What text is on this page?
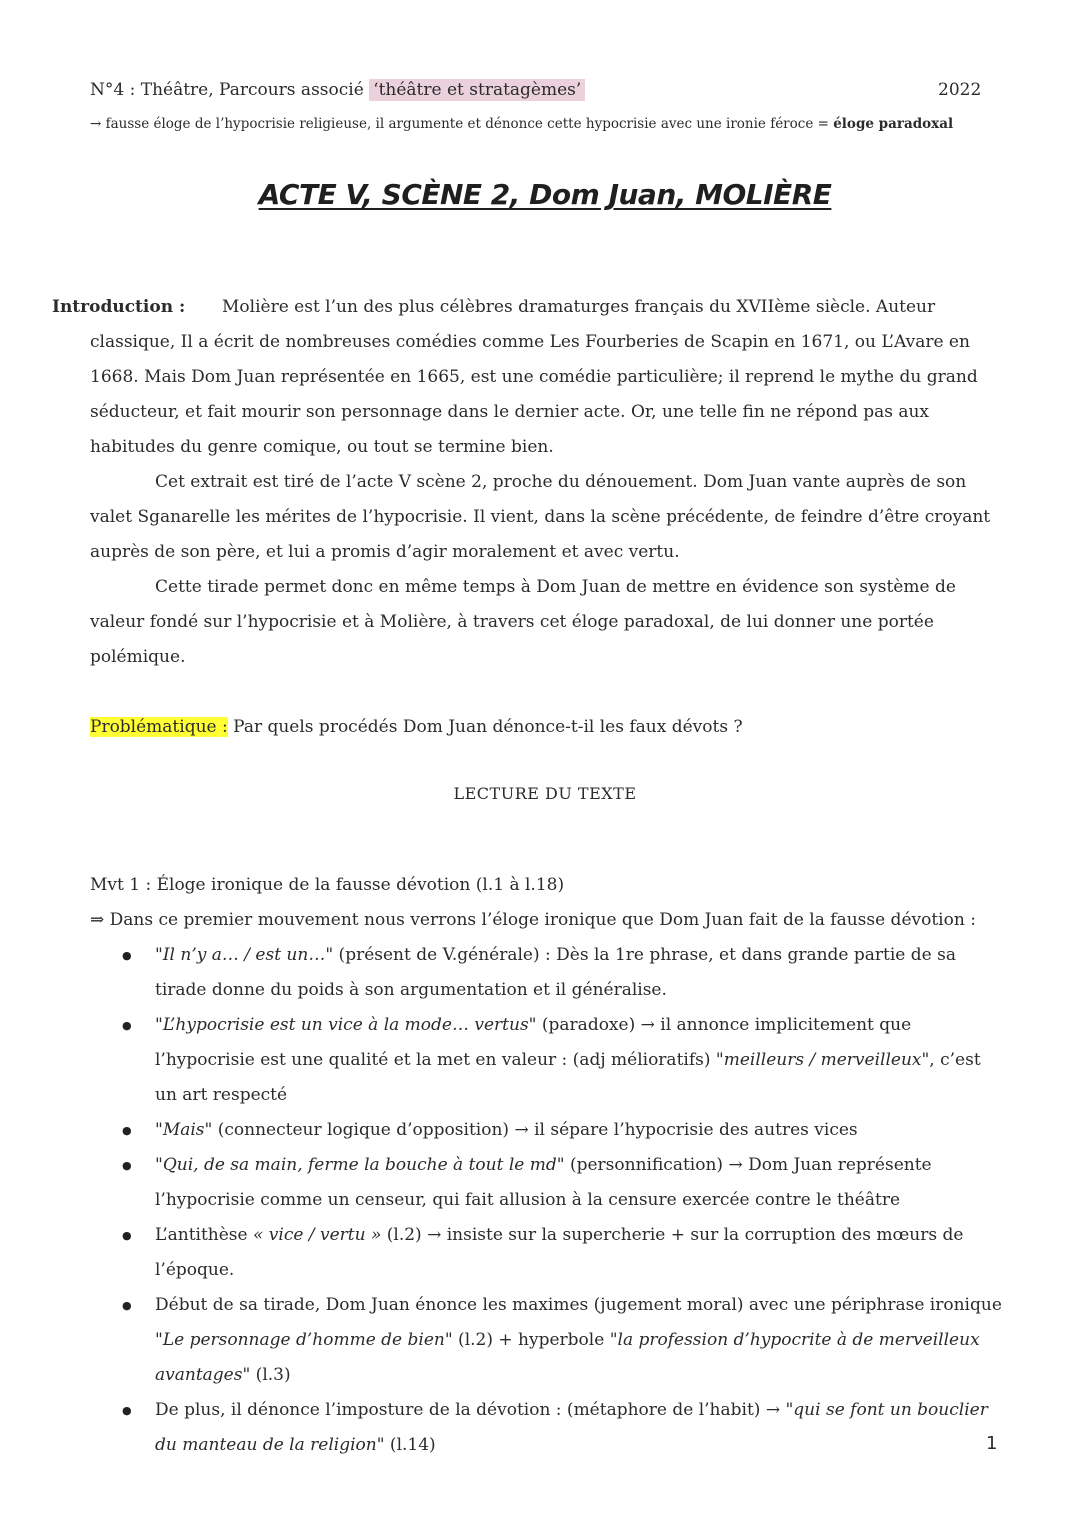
N°4 : Théâtre, Parcours associé ‘théâtre et stratagèmes’	2022
→ fausse éloge de l’hypocrisie religieuse, il argumente et dénonce cette hypocrisie avec une ironie féroce = éloge paradoxal
ACTE V, SCÈNE 2, Dom Juan, MOLIÈRE
Introduction :	Molière est l’un des plus célèbres dramaturges français du XVIIème siècle. Auteur classique, Il a écrit de nombreuses comédies comme Les Fourberies de Scapin en 1671, ou L’Avare en 1668. Mais Dom Juan représentée en 1665, est une comédie particulière; il reprend le mythe du grand séducteur, et fait mourir son personnage dans le dernier acte. Or, une telle fin ne répond pas aux habitudes du genre comique, ou tout se termine bien.

Cet extrait est tiré de l’acte V scène 2, proche du dénouement. Dom Juan vante auprès de son valet Sganarelle les mérites de l’hypocrisie. Il vient, dans la scène précédente, de feindre d’être croyant auprès de son père, et lui a promis d’agir moralement et avec vertu.

Cette tirade permet donc en même temps à Dom Juan de mettre en évidence son système de valeur fondé sur l’hypocrisie et à Molière, à travers cet éloge paradoxal, de lui donner une portée polémique.

Problématique : Par quels procédés Dom Juan dénonce-t-il les faux dévots ?
LECTURE DU TEXTE
Mvt 1 : Éloge ironique de la fausse dévotion (l.1 à l.18)
⇒ Dans ce premier mouvement nous verrons l’éloge ironique que Dom Juan fait de la fausse dévotion :
● "Il n’y a… / est un…" (présent de V.générale) : Dès la 1re phrase, et dans grande partie de sa tirade donne du poids à son argumentation et il généralise.
● "L’hypocrisie est un vice à la mode… vertus" (paradoxe) → il annonce implicitement que l’hypocrisie est une qualité et la met en valeur : (adj mélioratifs) "meilleurs / merveilleux", c’est un art respecté
● "Mais" (connecteur logique d’opposition) → il sépare l’hypocrisie des autres vices
● "Qui, de sa main, ferme la bouche à tout le md" (personnification) → Dom Juan représente l’hypocrisie comme un censeur, qui fait allusion à la censure exercée contre le théâtre
● L’antithèse « vice / vertu » (l.2) → insiste sur la supercherie + sur la corruption des mœurs de l’époque.
● Début de sa tirade, Dom Juan énonce les maximes (jugement moral) avec une périphrase ironique "Le personnage d’homme de bien" (l.2) + hyperbole "la profession d’hypocrite à de merveilleux avantages" (l.3)
● De plus, il dénonce l’imposture de la dévotion : (métaphore de l’habit) → "qui se font un bouclier du manteau de la religion" (l.14)	1
